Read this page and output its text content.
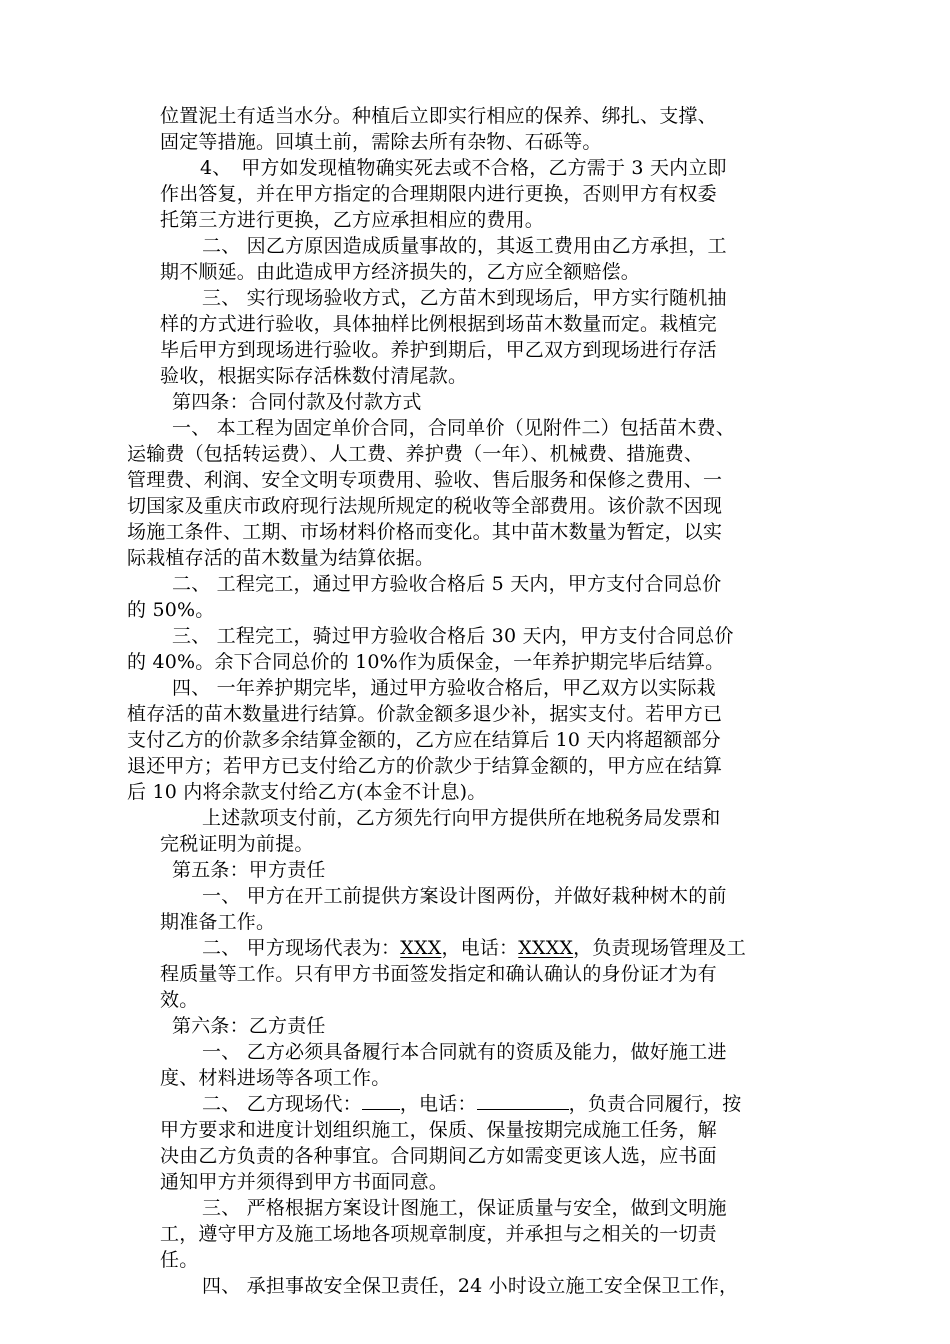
位置泥土有适当水分。种植后立即实行相应的保养、绑扎、支撑、
固定等措施。回填土前，需除去所有杂物、石砾等。
4、　甲方如发现植物确实死去或不合格，乙方需于 3 天内立即
作出答复，并在甲方指定的合理期限内进行更换，否则甲方有权委
托第三方进行更换，乙方应承担相应的费用。
二、 因乙方原因造成质量事故的，其返工费用由乙方承担，工
期不顺延。由此造成甲方经济损失的，乙方应全额赔偿。
三、 实行现场验收方式，乙方苗木到现场后，甲方实行随机抽
样的方式进行验收，具体抽样比例根据到场苗木数量而定。栽植完
毕后甲方到现场进行验收。养护到期后，甲乙双方到现场进行存活
验收，根据实际存活株数付清尾款。
第四条：合同付款及付款方式
一、 本工程为固定单价合同，合同单价（见附件二）包括苗木费、
运输费（包括转运费）、人工费、养护费（一年）、机械费、措施费、
管理费、利润、安全文明专项费用、验收、售后服务和保修之费用、一
切国家及重庆市政府现行法规所规定的税收等全部费用。该价款不因现
场施工条件、工期、市场材料价格而变化。其中苗木数量为暂定，以实
际栽植存活的苗木数量为结算依据。
二、 工程完工，通过甲方验收合格后 5 天内，甲方支付合同总价
的 50%。
三、 工程完工，骑过甲方验收合格后 30 天内，甲方支付合同总价
的 40%。余下合同总价的 10%作为质保金，一年养护期完毕后结算。
四、 一年养护期完毕，通过甲方验收合格后，甲乙双方以实际栽
植存活的苗木数量进行结算。价款金额多退少补，据实支付。若甲方已
支付乙方的价款多余结算金额的，乙方应在结算后 10 天内将超额部分
退还甲方；若甲方已支付给乙方的价款少于结算金额的，甲方应在结算
后 10 内将余款支付给乙方(本金不计息)。
上述款项支付前，乙方须先行向甲方提供所在地税务局发票和
完税证明为前提。
第五条：甲方责任
一、 甲方在开工前提供方案设计图两份，并做好栽种树木的前
期准备工作。
二、 甲方现场代表为：XXX，电话：XXXX，负责现场管理及工
程质量等工作。只有甲方书面签发指定和确认确认的身份证才为有
效。
第六条：乙方责任
一、 乙方必须具备履行本合同就有的资质及能力，做好施工进
度、材料进场等各项工作。
二、 乙方现场代： ，电话：	，负责合同履行，按
甲方要求和进度计划组织施工，保质、保量按期完成施工任务，解
决由乙方负责的各种事宜。合同期间乙方如需变更该人选，应书面
通知甲方并须得到甲方书面同意。
三、 严格根据方案设计图施工，保证质量与安全，做到文明施
工，遵守甲方及施工场地各项规章制度，并承担与之相关的一切责
任。
四、 承担事故安全保卫责任，24 小时设立施工安全保卫工作，
